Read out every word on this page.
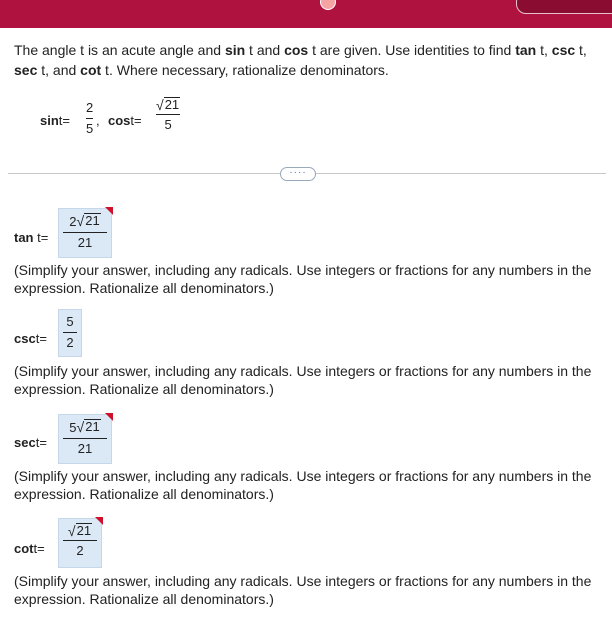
The angle t is an acute angle and sin t and cos t are given. Use identities to find tan t, csc t, sec t, and cot t. Where necessary, rationalize denominators.
sint=
2
5
, cost=
√ 21
5
····
tan t=
2 √ 21
21
(Simplify your answer, including any radicals. Use integers or fractions for any numbers in the expression. Rationalize all denominators.)
csct=
5
2
(Simplify your answer, including any radicals. Use integers or fractions for any numbers in the expression. Rationalize all denominators.)
sect=
5 √ 21
21
(Simplify your answer, including any radicals. Use integers or fractions for any numbers in the expression. Rationalize all denominators.)
cott=
√ 21
2
(Simplify your answer, including any radicals. Use integers or fractions for any numbers in the expression. Rationalize all denominators.)
